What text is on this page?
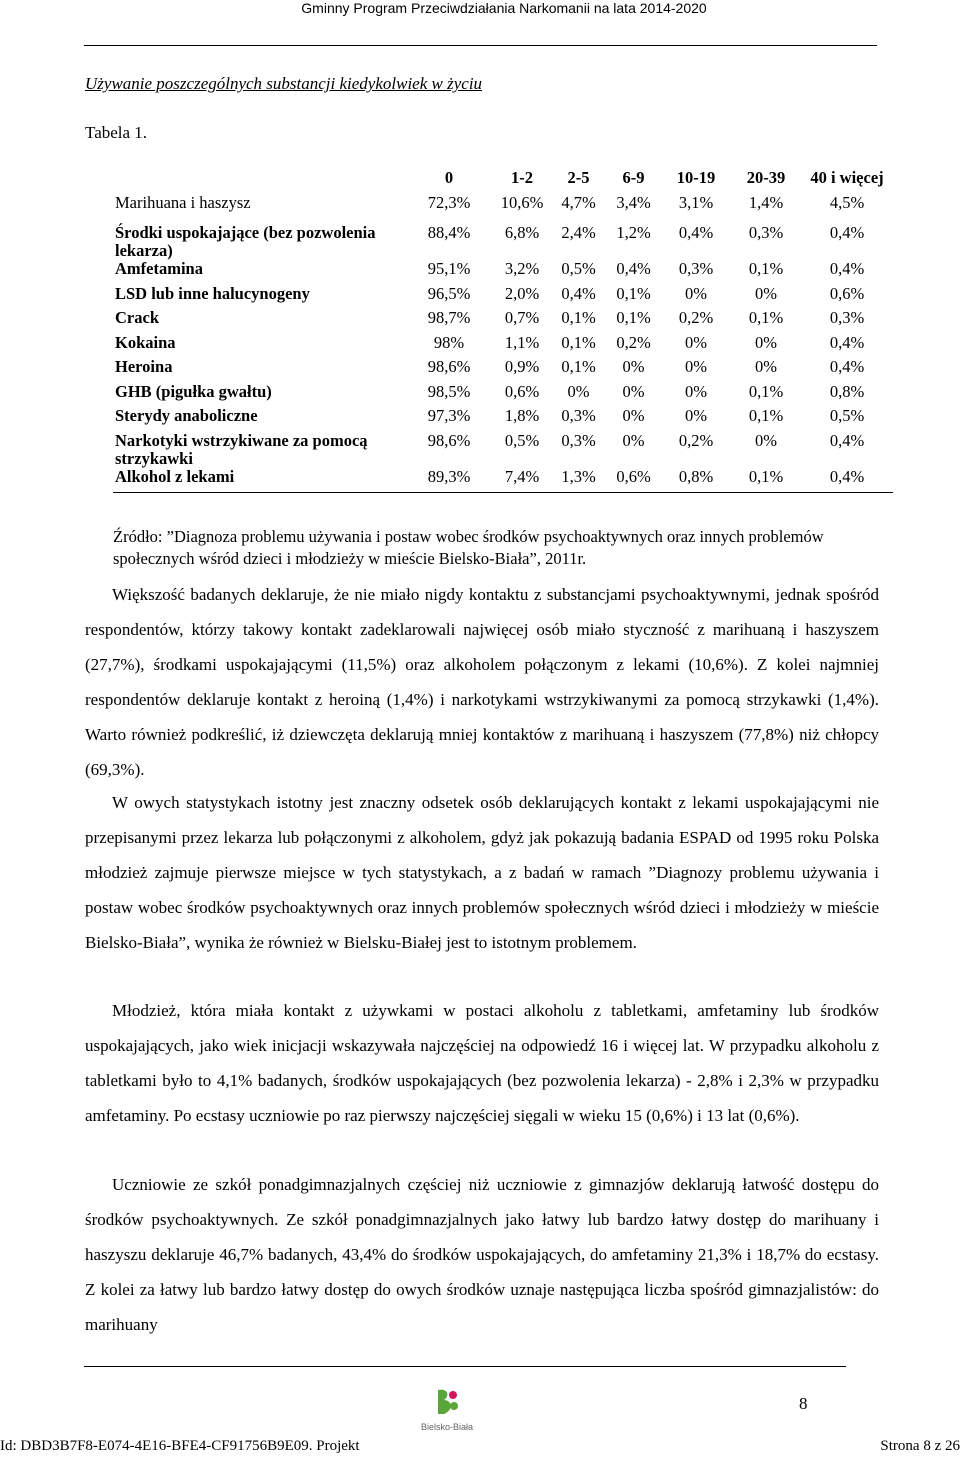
Gminny Program Przeciwdziałania Narkomanii na lata 2014-2020
Używanie poszczególnych substancji kiedykolwiek w życiu
Tabela 1.
	0	1-2	2-5	6-9	10-19	20-39	40 i więcej
Marihuana i haszysz	72,3%	10,6%	4,7%	3,4%	3,1%	1,4%	4,5%
Środki uspokajające (bez pozwolenia lekarza)	88,4%	6,8%	2,4%	1,2%	0,4%	0,3%	0,4%
Amfetamina	95,1%	3,2%	0,5%	0,4%	0,3%	0,1%	0,4%
LSD lub inne halucynogeny	96,5%	2,0%	0,4%	0,1%	0%	0%	0,6%
Crack	98,7%	0,7%	0,1%	0,1%	0,2%	0,1%	0,3%
Kokaina	98%	1,1%	0,1%	0,2%	0%	0%	0,4%
Heroina	98,6%	0,9%	0,1%	0%	0%	0%	0,4%
GHB (pigułka gwałtu)	98,5%	0,6%	0%	0%	0%	0,1%	0,8%
Sterydy anaboliczne	97,3%	1,8%	0,3%	0%	0%	0,1%	0,5%
Narkotyki wstrzykiwane za pomocą strzykawki	98,6%	0,5%	0,3%	0%	0,2%	0%	0,4%
Alkohol z lekami	89,3%	7,4%	1,3%	0,6%	0,8%	0,1%	0,4%
Źródło: ”Diagnoza problemu używania i postaw wobec środków psychoaktywnych oraz innych problemów społecznych wśród dzieci i młodzieży w mieście Bielsko-Biała”, 2011r.
Większość badanych deklaruje, że nie miało nigdy kontaktu z substancjami psychoaktywnymi, jednak spośród respondentów, którzy takowy kontakt zadeklarowali najwięcej osób miało styczność z marihuaną i haszyszem (27,7%), środkami uspokajającymi (11,5%) oraz alkoholem połączonym z lekami (10,6%). Z kolei najmniej respondentów deklaruje kontakt z heroiną (1,4%) i narkotykami wstrzykiwanymi za pomocą strzykawki (1,4%). Warto również podkreślić, iż dziewczęta deklarują mniej kontaktów z marihuaną i haszyszem (77,8%) niż chłopcy (69,3%).
W owych statystykach istotny jest znaczny odsetek osób deklarujących kontakt z lekami uspokajającymi nie przepisanymi przez lekarza lub połączonymi z alkoholem, gdyż jak pokazują badania ESPAD od 1995 roku Polska młodzież zajmuje pierwsze miejsce w tych statystykach, a z badań w ramach ”Diagnozy problemu używania i postaw wobec środków psychoaktywnych oraz innych problemów społecznych wśród dzieci i młodzieży w mieście Bielsko-Biała”, wynika że również w Bielsku-Białej jest to istotnym problemem.
Młodzież, która miała kontakt z używkami w postaci alkoholu z tabletkami, amfetaminy lub środków uspokajających, jako wiek inicjacji wskazywała najczęściej na odpowiedź 16 i więcej lat. W przypadku alkoholu z tabletkami było to 4,1% badanych, środków uspokajających (bez pozwolenia lekarza) - 2,8% i 2,3% w przypadku amfetaminy. Po ecstasy uczniowie po raz pierwszy najczęściej sięgali w wieku 15 (0,6%) i 13 lat (0,6%).
Uczniowie ze szkół ponadgimnazjalnych częściej niż uczniowie z gimnazjów deklarują łatwość dostępu do środków psychoaktywnych. Ze szkół ponadgimnazjalnych jako łatwy lub bardzo łatwy dostęp do marihuany i haszyszu deklaruje 46,7% badanych, 43,4% do środków uspokajających, do amfetaminy 21,3% i 18,7% do ecstasy. Z kolei za łatwy lub bardzo łatwy dostęp do owych środków uznaje następująca liczba spośród gimnazjalistów: do marihuany
Bielsko-Biała
8
Id: DBD3B7F8-E074-4E16-BFE4-CF91756B9E09. Projekt	Strona 8 z 26
